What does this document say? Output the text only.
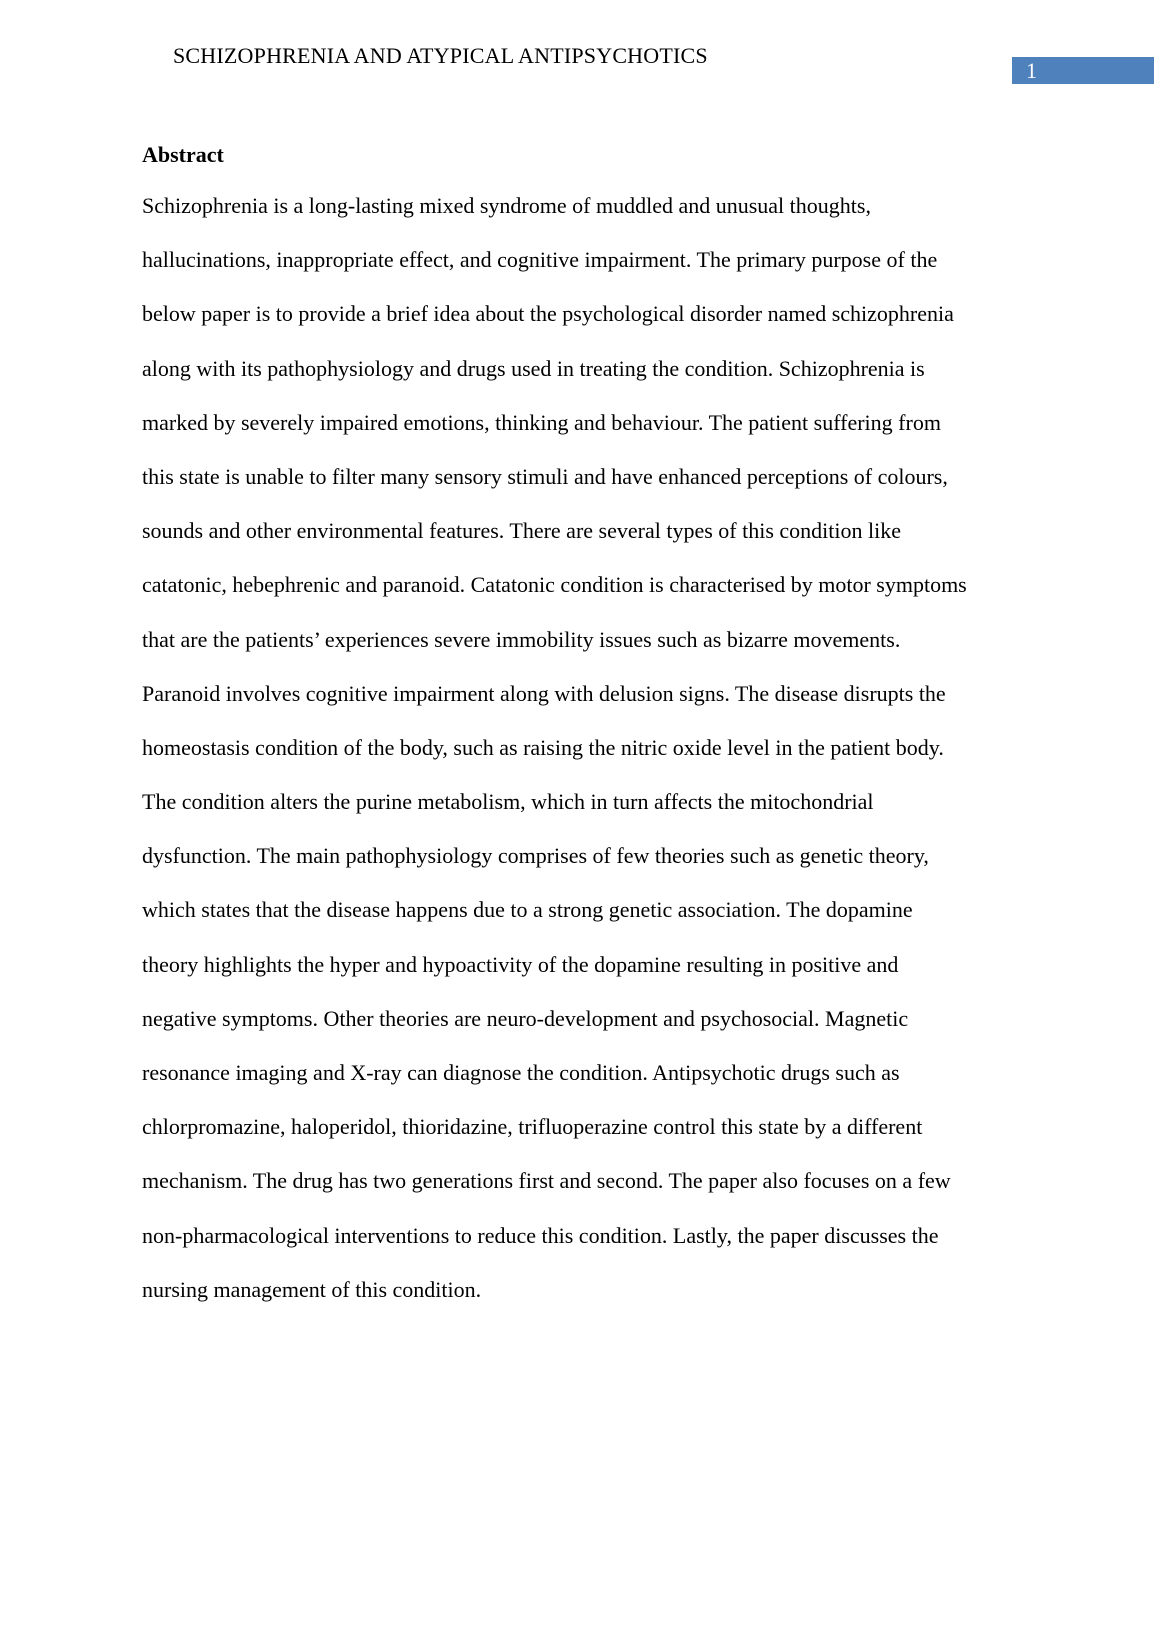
SCHIZOPHRENIA AND ATYPICAL ANTIPSYCHOTICS
1
Abstract
Schizophrenia is a long-lasting mixed syndrome of muddled and unusual thoughts,
hallucinations, inappropriate effect, and cognitive impairment. The primary purpose of the
below paper is to provide a brief idea about the psychological disorder named schizophrenia
along with its pathophysiology and drugs used in treating the condition. Schizophrenia is
marked by severely impaired emotions, thinking and behaviour. The patient suffering from
this state is unable to filter many sensory stimuli and have enhanced perceptions of colours,
sounds and other environmental features. There are several types of this condition like
catatonic, hebephrenic and paranoid. Catatonic condition is characterised by motor symptoms
that are the patients’ experiences severe immobility issues such as bizarre movements.
Paranoid involves cognitive impairment along with delusion signs. The disease disrupts the
homeostasis condition of the body, such as raising the nitric oxide level in the patient body.
The condition alters the purine metabolism, which in turn affects the mitochondrial
dysfunction. The main pathophysiology comprises of few theories such as genetic theory,
which states that the disease happens due to a strong genetic association. The dopamine
theory highlights the hyper and hypoactivity of the dopamine resulting in positive and
negative symptoms. Other theories are neuro-development and psychosocial. Magnetic
resonance imaging and X-ray can diagnose the condition. Antipsychotic drugs such as
chlorpromazine, haloperidol, thioridazine, trifluoperazine control this state by a different
mechanism. The drug has two generations first and second. The paper also focuses on a few
non-pharmacological interventions to reduce this condition. Lastly, the paper discusses the
nursing management of this condition.
